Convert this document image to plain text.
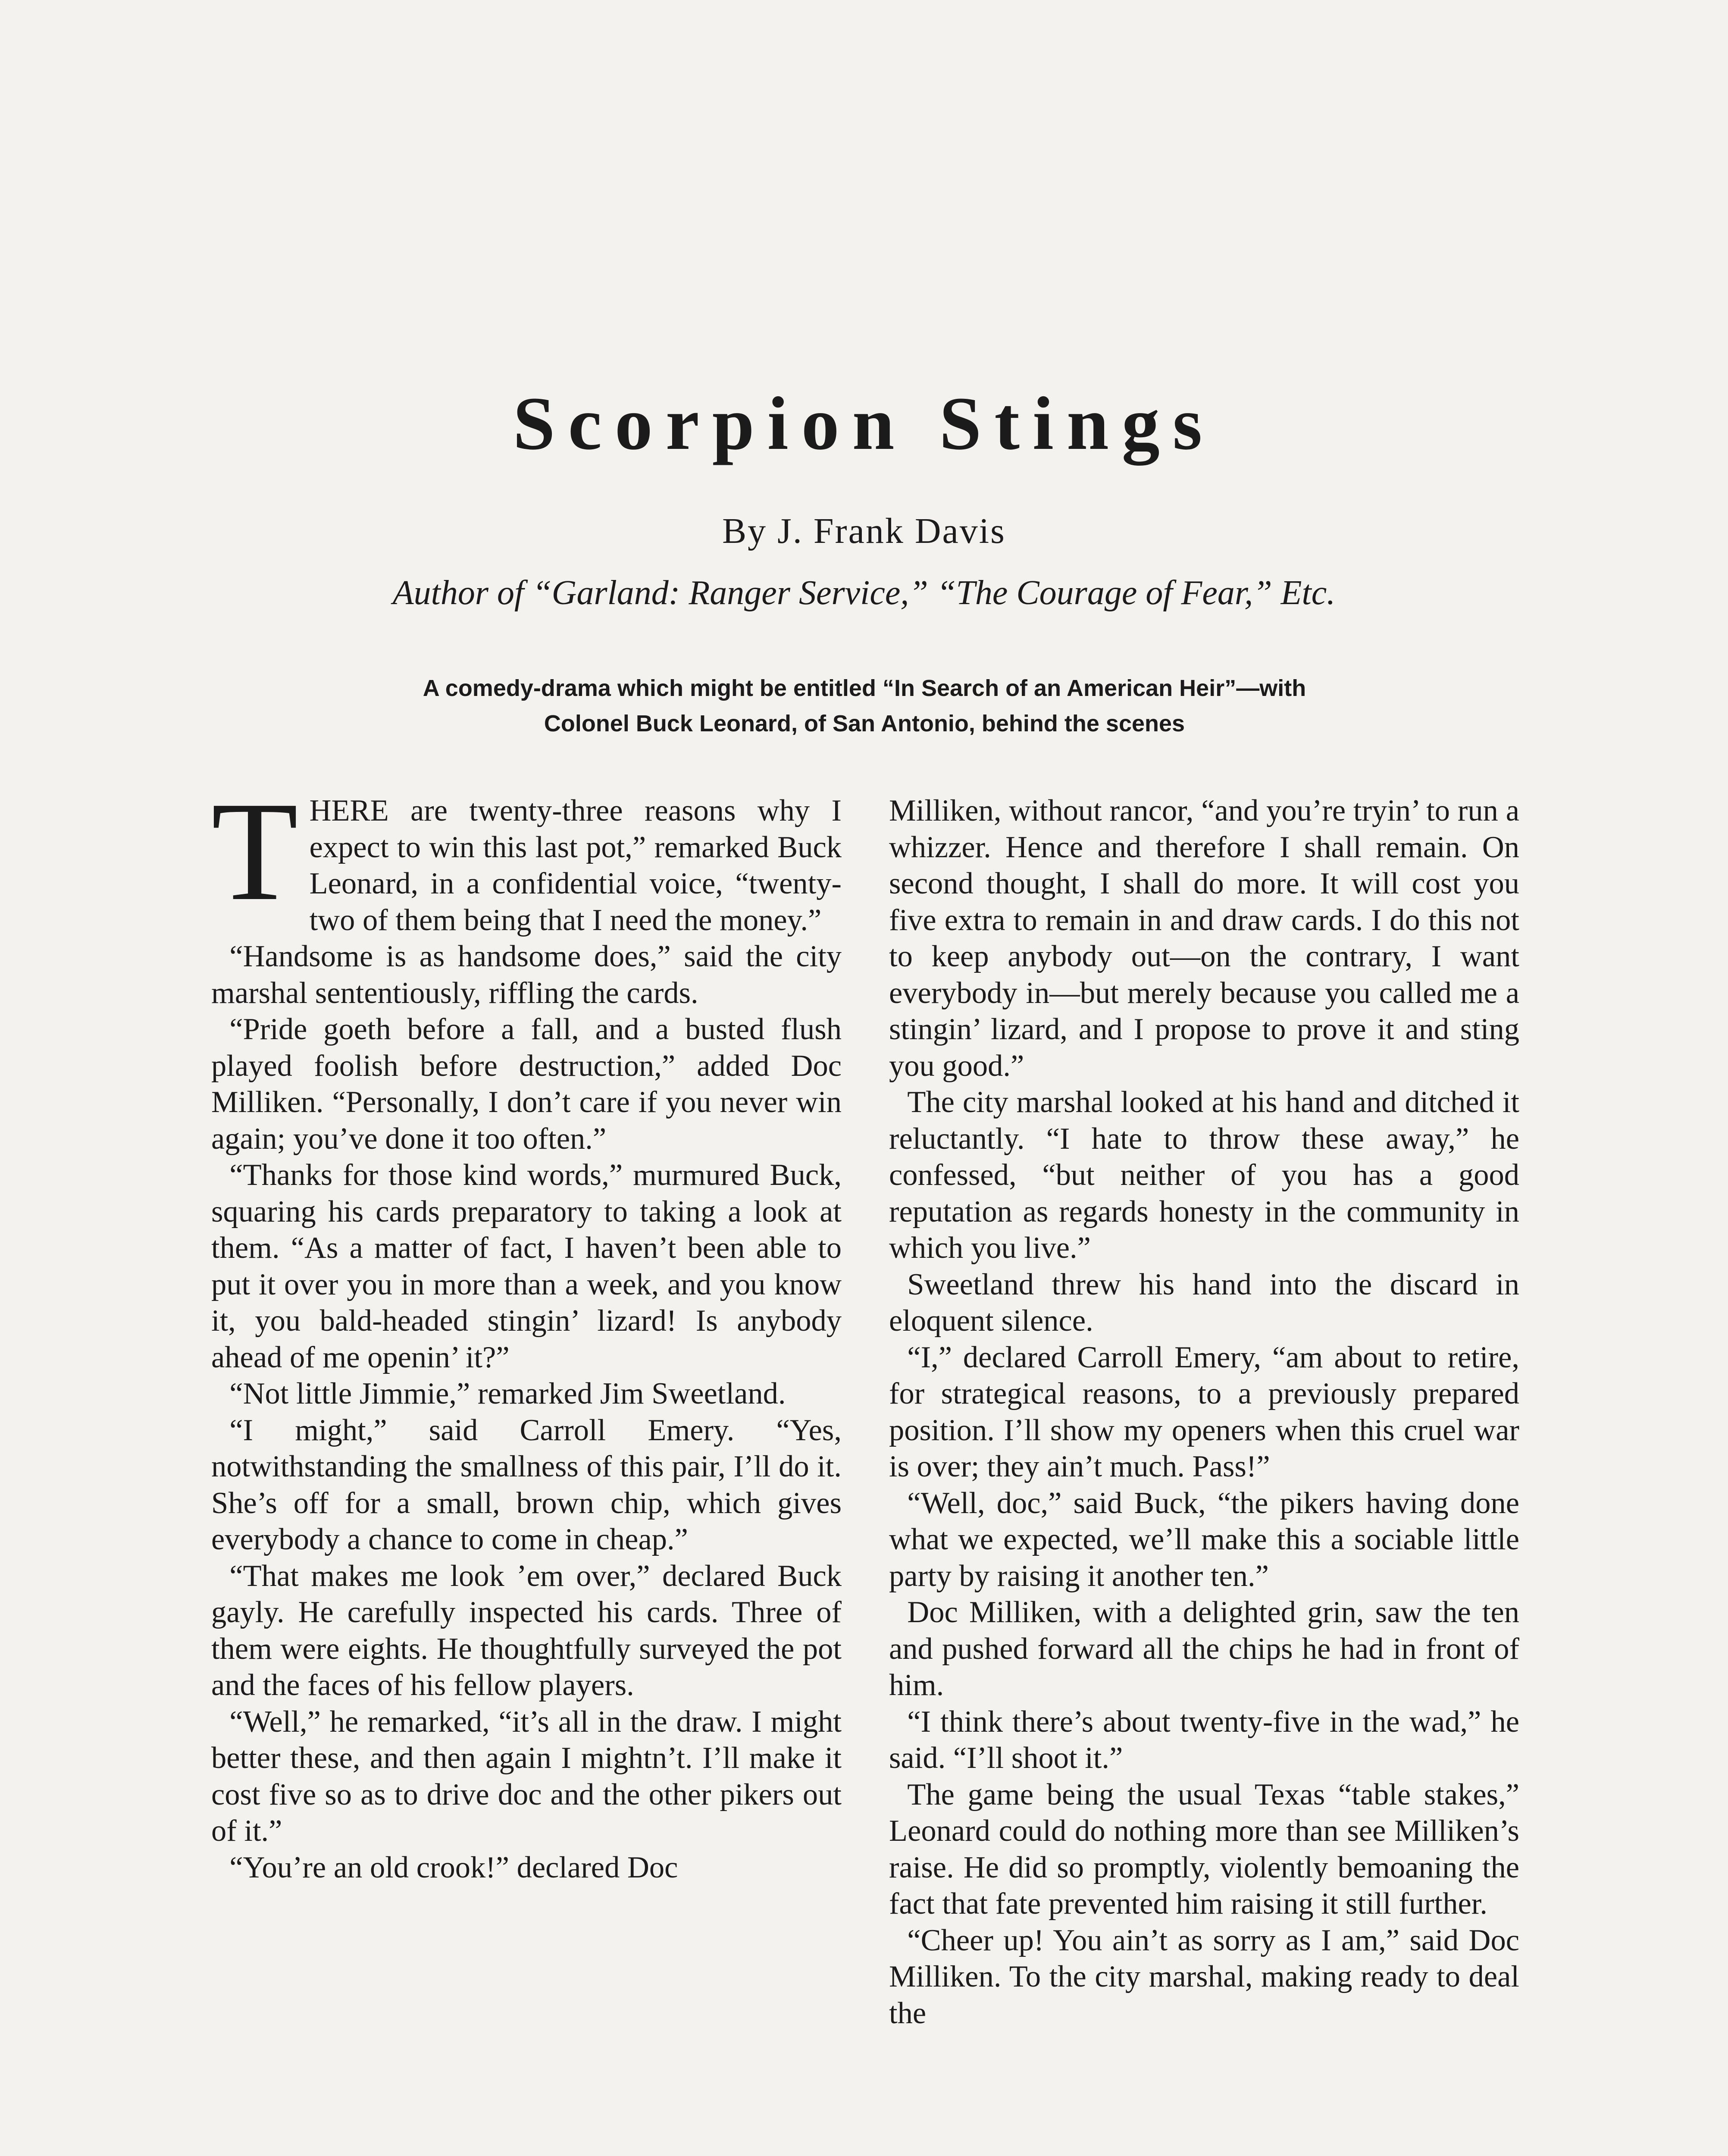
Scorpion Stings
By J. Frank Davis
Author of “Garland: Ranger Service,” “The Courage of Fear,” Etc.
A comedy-drama which might be entitled “In Search of an American Heir”—with Colonel Buck Leonard, of San Antonio, behind the scenes

THERE are twenty-three reasons why I expect to win this last pot,” remarked Buck Leonard, in a confidential voice, “twenty-two of them being that I need the money.”

“Handsome is as handsome does,” said the city marshal sententiously, riffling the cards.

“Pride goeth before a fall, and a busted flush played foolish before destruction,” added Doc Milliken. “Personally, I don’t care if you never win again; you’ve done it too often.”

“Thanks for those kind words,” murmured Buck, squaring his cards preparatory to taking a look at them. “As a matter of fact, I haven’t been able to put it over you in more than a week, and you know it, you bald-headed stingin’ lizard! Is anybody ahead of me openin’ it?”

“Not little Jimmie,” remarked Jim Sweetland.

“I might,” said Carroll Emery. “Yes, notwithstanding the smallness of this pair, I’ll do it. She’s off for a small, brown chip, which gives everybody a chance to come in cheap.”

“That makes me look ’em over,” declared Buck gayly. He carefully inspected his cards. Three of them were eights. He thoughtfully surveyed the pot and the faces of his fellow players.

“Well,” he remarked, “it’s all in the draw. I might better these, and then again I mightn’t. I’ll make it cost five so as to drive doc and the other pikers out of it.”

“You’re an old crook!” declared Doc

Milliken, without rancor, “and you’re tryin’ to run a whizzer. Hence and therefore I shall remain. On second thought, I shall do more. It will cost you five extra to remain in and draw cards. I do this not to keep anybody out—on the contrary, I want everybody in—but merely because you called me a stingin’ lizard, and I propose to prove it and sting you good.”

The city marshal looked at his hand and ditched it reluctantly. “I hate to throw these away,” he confessed, “but neither of you has a good reputation as regards honesty in the community in which you live.”

Sweetland threw his hand into the discard in eloquent silence.

“I,” declared Carroll Emery, “am about to retire, for strategical reasons, to a previously prepared position. I’ll show my openers when this cruel war is over; they ain’t much. Pass!”

“Well, doc,” said Buck, “the pikers having done what we expected, we’ll make this a sociable little party by raising it another ten.”

Doc Milliken, with a delighted grin, saw the ten and pushed forward all the chips he had in front of him.

“I think there’s about twenty-five in the wad,” he said. “I’ll shoot it.”

The game being the usual Texas “table stakes,” Leonard could do nothing more than see Milliken’s raise. He did so promptly, violently bemoaning the fact that fate prevented him raising it still further.

“Cheer up! You ain’t as sorry as I am,” said Doc Milliken. To the city marshal, making ready to deal the
